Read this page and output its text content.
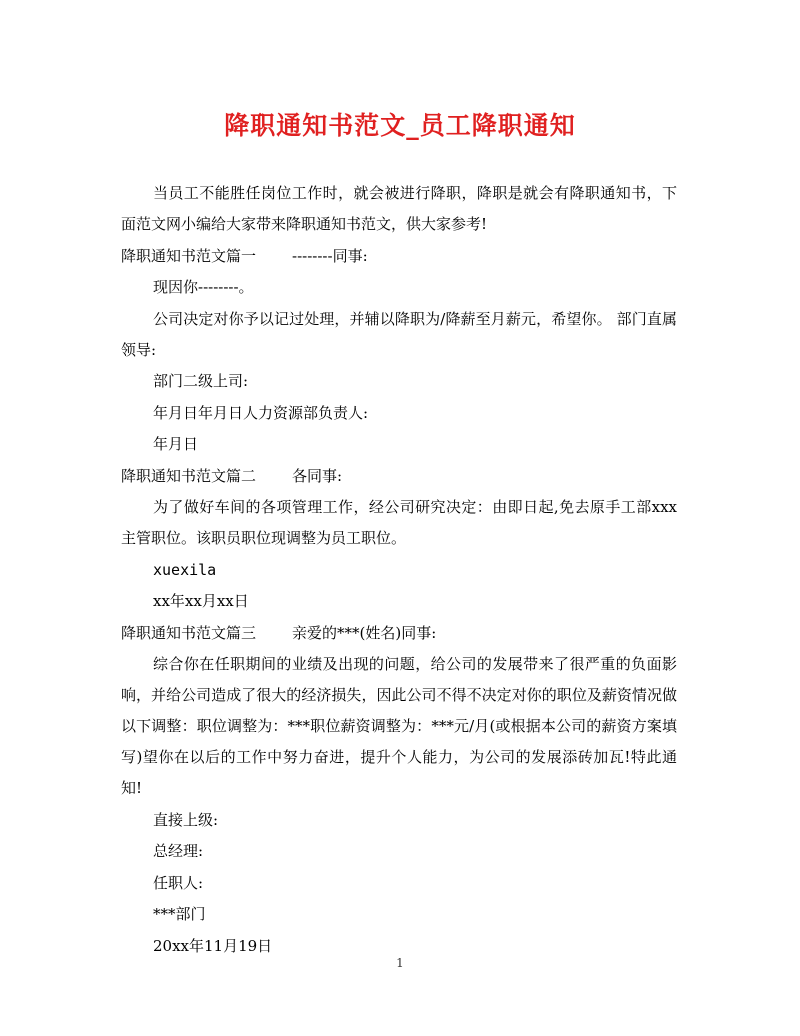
降职通知书范文_员工降职通知

当员工不能胜任岗位工作时，就会被进行降职，降职是就会有降职通知书，下面范文网小编给大家带来降职通知书范文，供大家参考!

降职通知书范文篇一 --------同事:

现因你--------。

公司决定对你予以记过处理，并辅以降职为/降薪至月薪元，希望你。 部门直属领导:

部门二级上司:

年月日年月日人力资源部负责人:

年月日

降职通知书范文篇二 各同事:

为了做好车间的各项管理工作，经公司研究决定：由即日起,免去原手工部xxx主管职位。该职员职位现调整为员工职位。

xuexila

xx年xx月xx日

降职通知书范文篇三 亲爱的***(姓名)同事:

综合你在任职期间的业绩及出现的问题，给公司的发展带来了很严重的负面影响，并给公司造成了很大的经济损失，因此公司不得不决定对你的职位及薪资情况做以下调整：职位调整为：***职位薪资调整为：***元/月(或根据本公司的薪资方案填写)望你在以后的工作中努力奋进，提升个人能力，为公司的发展添砖加瓦!特此通知!

直接上级:

总经理:

任职人:

***部门

20xx年11月19日

1
